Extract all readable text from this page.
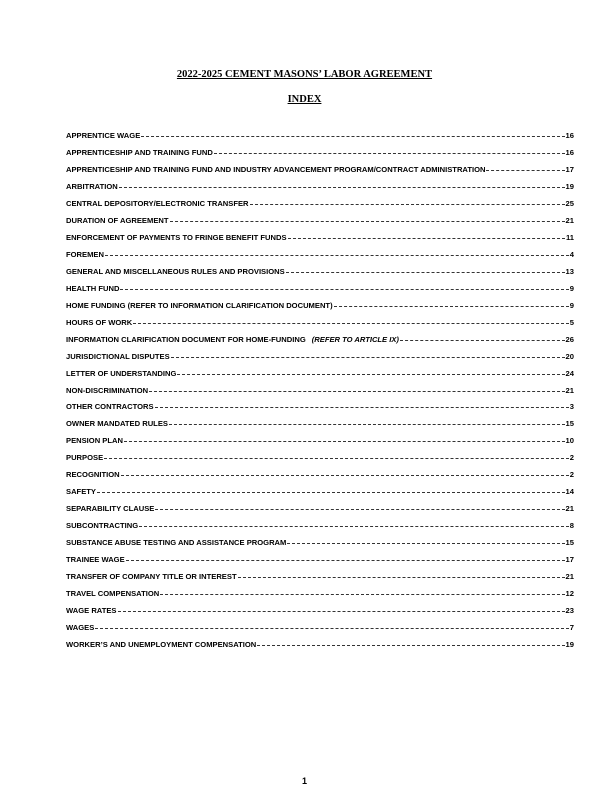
2022-2025 CEMENT MASONS’ LABOR AGREEMENT
INDEX
APPRENTICE WAGE	16
APPRENTICESHIP AND TRAINING FUND	16
APPRENTICESHIP AND TRAINING FUND AND INDUSTRY ADVANCEMENT PROGRAM/CONTRACT ADMINISTRATION	17
ARBITRATION	19
CENTRAL DEPOSITORY/ELECTRONIC TRANSFER	25
DURATION OF AGREEMENT	21
ENFORCEMENT OF PAYMENTS TO FRINGE BENEFIT FUNDS	11
FOREMEN	4
GENERAL AND MISCELLANEOUS RULES AND PROVISIONS	13
HEALTH FUND	9
HOME FUNDING (REFER TO INFORMATION CLARIFICATION DOCUMENT)	9
HOURS OF WORK	5
INFORMATION CLARIFICATION DOCUMENT FOR HOME-FUNDING (REFER TO ARTICLE IX)	26
JURISDICTIONAL DISPUTES	20
LETTER OF UNDERSTANDING	24
NON-DISCRIMINATION	21
OTHER CONTRACTORS	3
OWNER MANDATED RULES	15
PENSION PLAN	10
PURPOSE	2
RECOGNITION	2
SAFETY	14
SEPARABILITY CLAUSE	21
SUBCONTRACTING	8
SUBSTANCE ABUSE TESTING AND ASSISTANCE PROGRAM	15
TRAINEE WAGE	17
TRANSFER OF COMPANY TITLE OR INTEREST	21
TRAVEL COMPENSATION	12
WAGE RATES	23
WAGES	7
WORKER’S AND UNEMPLOYMENT COMPENSATION	19
1
